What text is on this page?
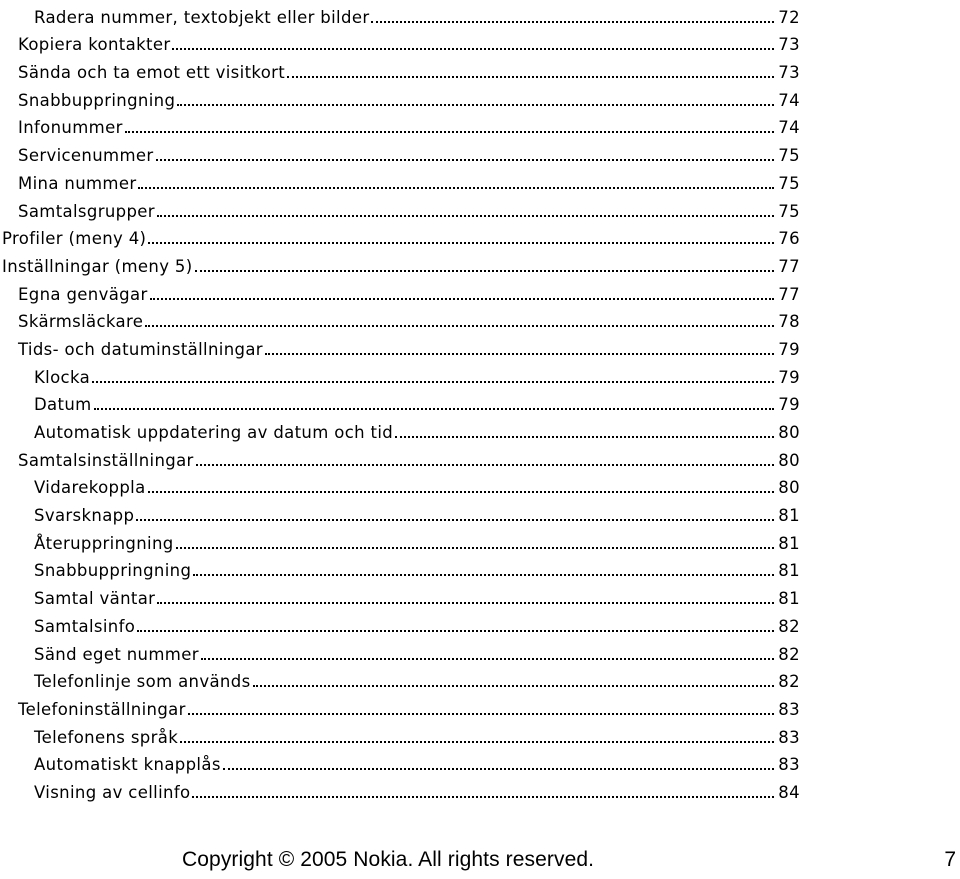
Radera nummer, textobjekt eller bilder	72
Kopiera kontakter	73
Sända och ta emot ett visitkort	73
Snabbuppringning	74
Infonummer	74
Servicenummer	75
Mina nummer	75
Samtalsgrupper	75
Profiler (meny 4)	76
Inställningar (meny 5)	77
Egna genvägar	77
Skärmsläckare	78
Tids- och datuminställningar	79
Klocka	79
Datum	79
Automatisk uppdatering av datum och tid	80
Samtalsinställningar	80
Vidarekoppla	80
Svarsknapp	81
Återuppringning	81
Snabbuppringning	81
Samtal väntar	81
Samtalsinfo	82
Sänd eget nummer	82
Telefonlinje som används	82
Telefoninställningar	83
Telefonens språk	83
Automatiskt knapplås	83
Visning av cellinfo	84
Copyright © 2005 Nokia. All rights reserved.	7
